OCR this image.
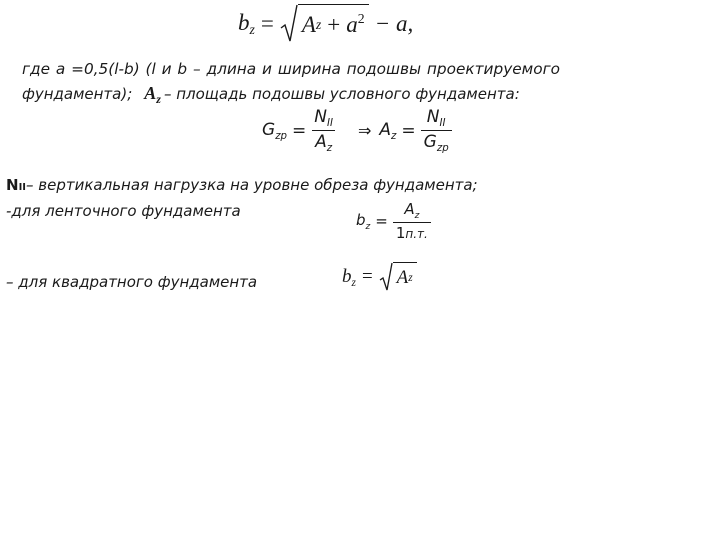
$b_z = A$ $z + a^2 - a$,
где а =0,5(l-b) (l и b – длина и ширина подошвы проектируемого
фундамента); $A_z$ – площадь подошвы условного фундамента:
$G_{zp} = \frac{N_{II}}{A_z}$ ⇒ $A_z = \frac{N_{II}}{G_{zp}}$
NII – вертикальная нагрузка на уровне обреза фундамента;
-для ленточного фундамента	$b_z = \frac{A_z}{1п.т.}$
– для квадратного фундамента	$b_z = A$ z
